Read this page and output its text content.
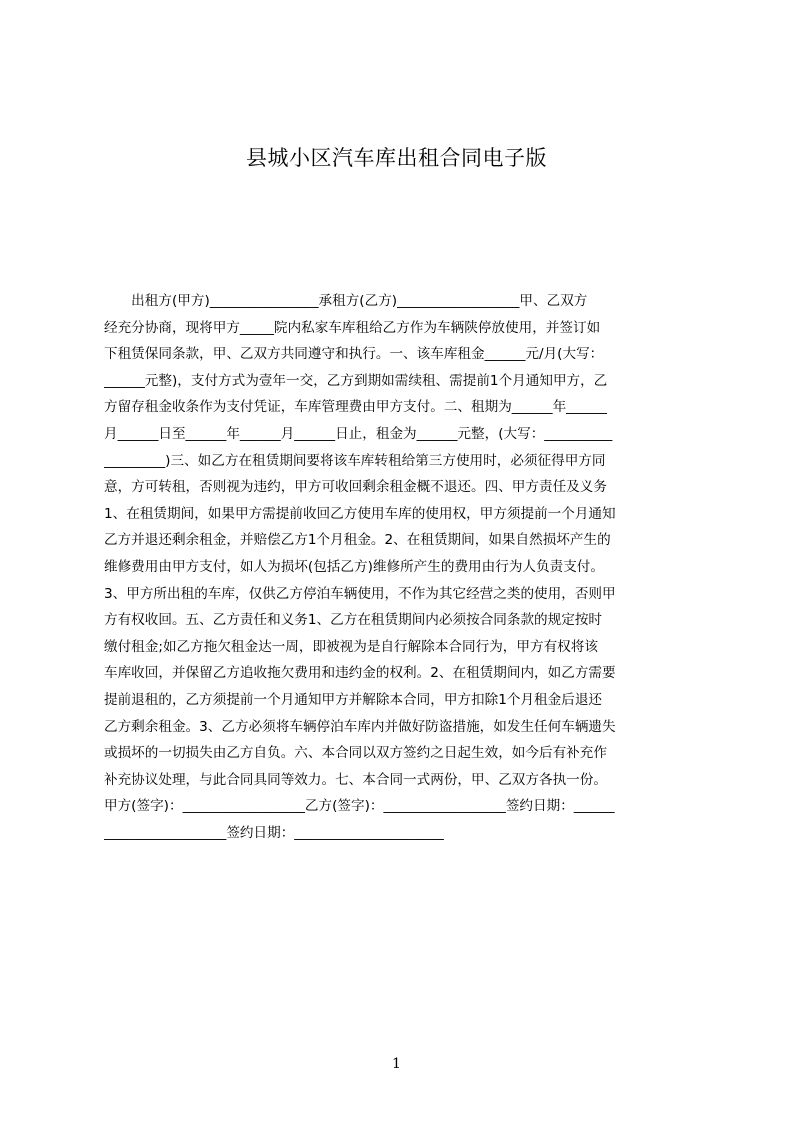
县城小区汽车库出租合同电子版
　　出租方(甲方)________________承租方(乙方)__________________甲、乙双方
经充分协商，现将甲方_____院内私家车库租给乙方作为车辆陕停放使用，并签订如
下租赁保同条款，甲、乙双方共同遵守和执行。一、该车库租金______元/月(大写：
______元整)，支付方式为壹年一交，乙方到期如需续租、需提前1个月通知甲方，乙
方留存租金收条作为支付凭证，车库管理费由甲方支付。二、租期为______年______
月______日至______年______月______日止，租金为______元整，(大写：__________
_________)三、如乙方在租赁期间要将该车库转租给第三方使用时，必须征得甲方同
意，方可转租，否则视为违约，甲方可收回剩余租金概不退还。四、甲方责任及义务
1、在租赁期间，如果甲方需提前收回乙方使用车库的使用权，甲方须提前一个月通知
乙方并退还剩余租金，并赔偿乙方1个月租金。2、在租赁期间，如果自然损坏产生的
维修费用由甲方支付，如人为损坏(包括乙方)维修所产生的费用由行为人负责支付。
3、甲方所出租的车库，仅供乙方停泊车辆使用，不作为其它经营之类的使用，否则甲
方有权收回。五、乙方责任和义务1、乙方在租赁期间内必须按合同条款的规定按时
缴付租金;如乙方拖欠租金达一周，即被视为是自行解除本合同行为，甲方有权将该
车库收回，并保留乙方追收拖欠费用和违约金的权利。2、在租赁期间内，如乙方需要
提前退租的，乙方须提前一个月通知甲方并解除本合同，甲方扣除1个月租金后退还
乙方剩余租金。3、乙方必须将车辆停泊车库内并做好防盗措施，如发生任何车辆遗失
或损坏的一切损失由乙方自负。六、本合同以双方签约之日起生效，如今后有补充作
补充协议处理，与此合同具同等效力。七、本合同一式两份，甲、乙双方各执一份。
甲方(签字)：__________________乙方(签字)：__________________签约日期：______
__________________签约日期：______________________
1
